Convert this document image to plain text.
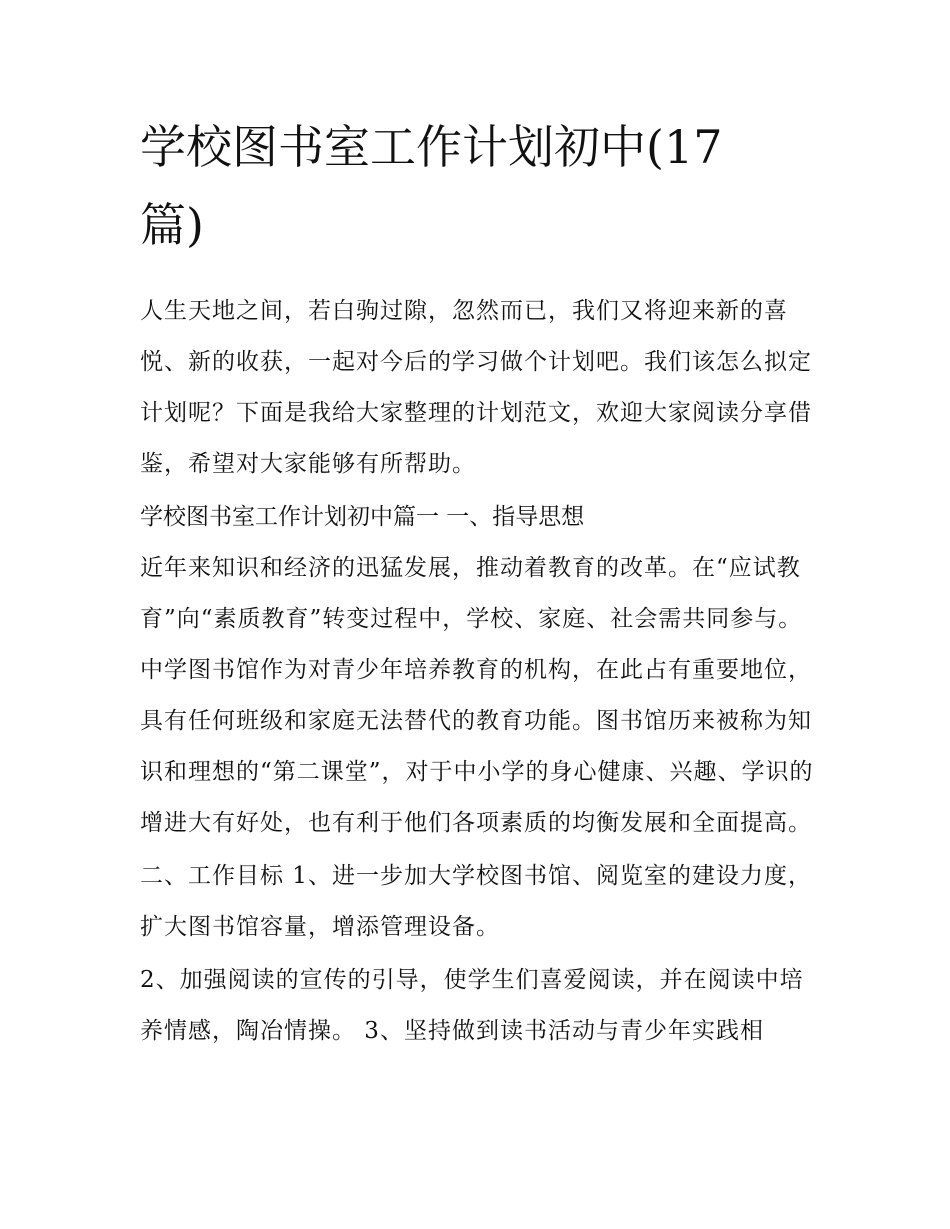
学校图书室工作计划初中(17
篇)

人生天地之间，若白驹过隙，忽然而已，我们又将迎来新的喜悦、新的收获，一起对今后的学习做个计划吧。我们该怎么拟定计划呢？下面是我给大家整理的计划范文，欢迎大家阅读分享借鉴，希望对大家能够有所帮助。

学校图书室工作计划初中篇一 一、指导思想

近年来知识和经济的迅猛发展，推动着教育的改革。在“应试教育”向“素质教育”转变过程中，学校、家庭、社会需共同参与。中学图书馆作为对青少年培养教育的机构，在此占有重要地位，具有任何班级和家庭无法替代的教育功能。图书馆历来被称为知识和理想的“第二课堂”，对于中小学的身心健康、兴趣、学识的增进大有好处，也有利于他们各项素质的均衡发展和全面提高。

二、工作目标 1、进一步加大学校图书馆、阅览室的建设力度，扩大图书馆容量，增添管理设备。

2、加强阅读的宣传的引导，使学生们喜爱阅读，并在阅读中培养情感，陶冶情操。 3、坚持做到读书活动与青少年实践相
